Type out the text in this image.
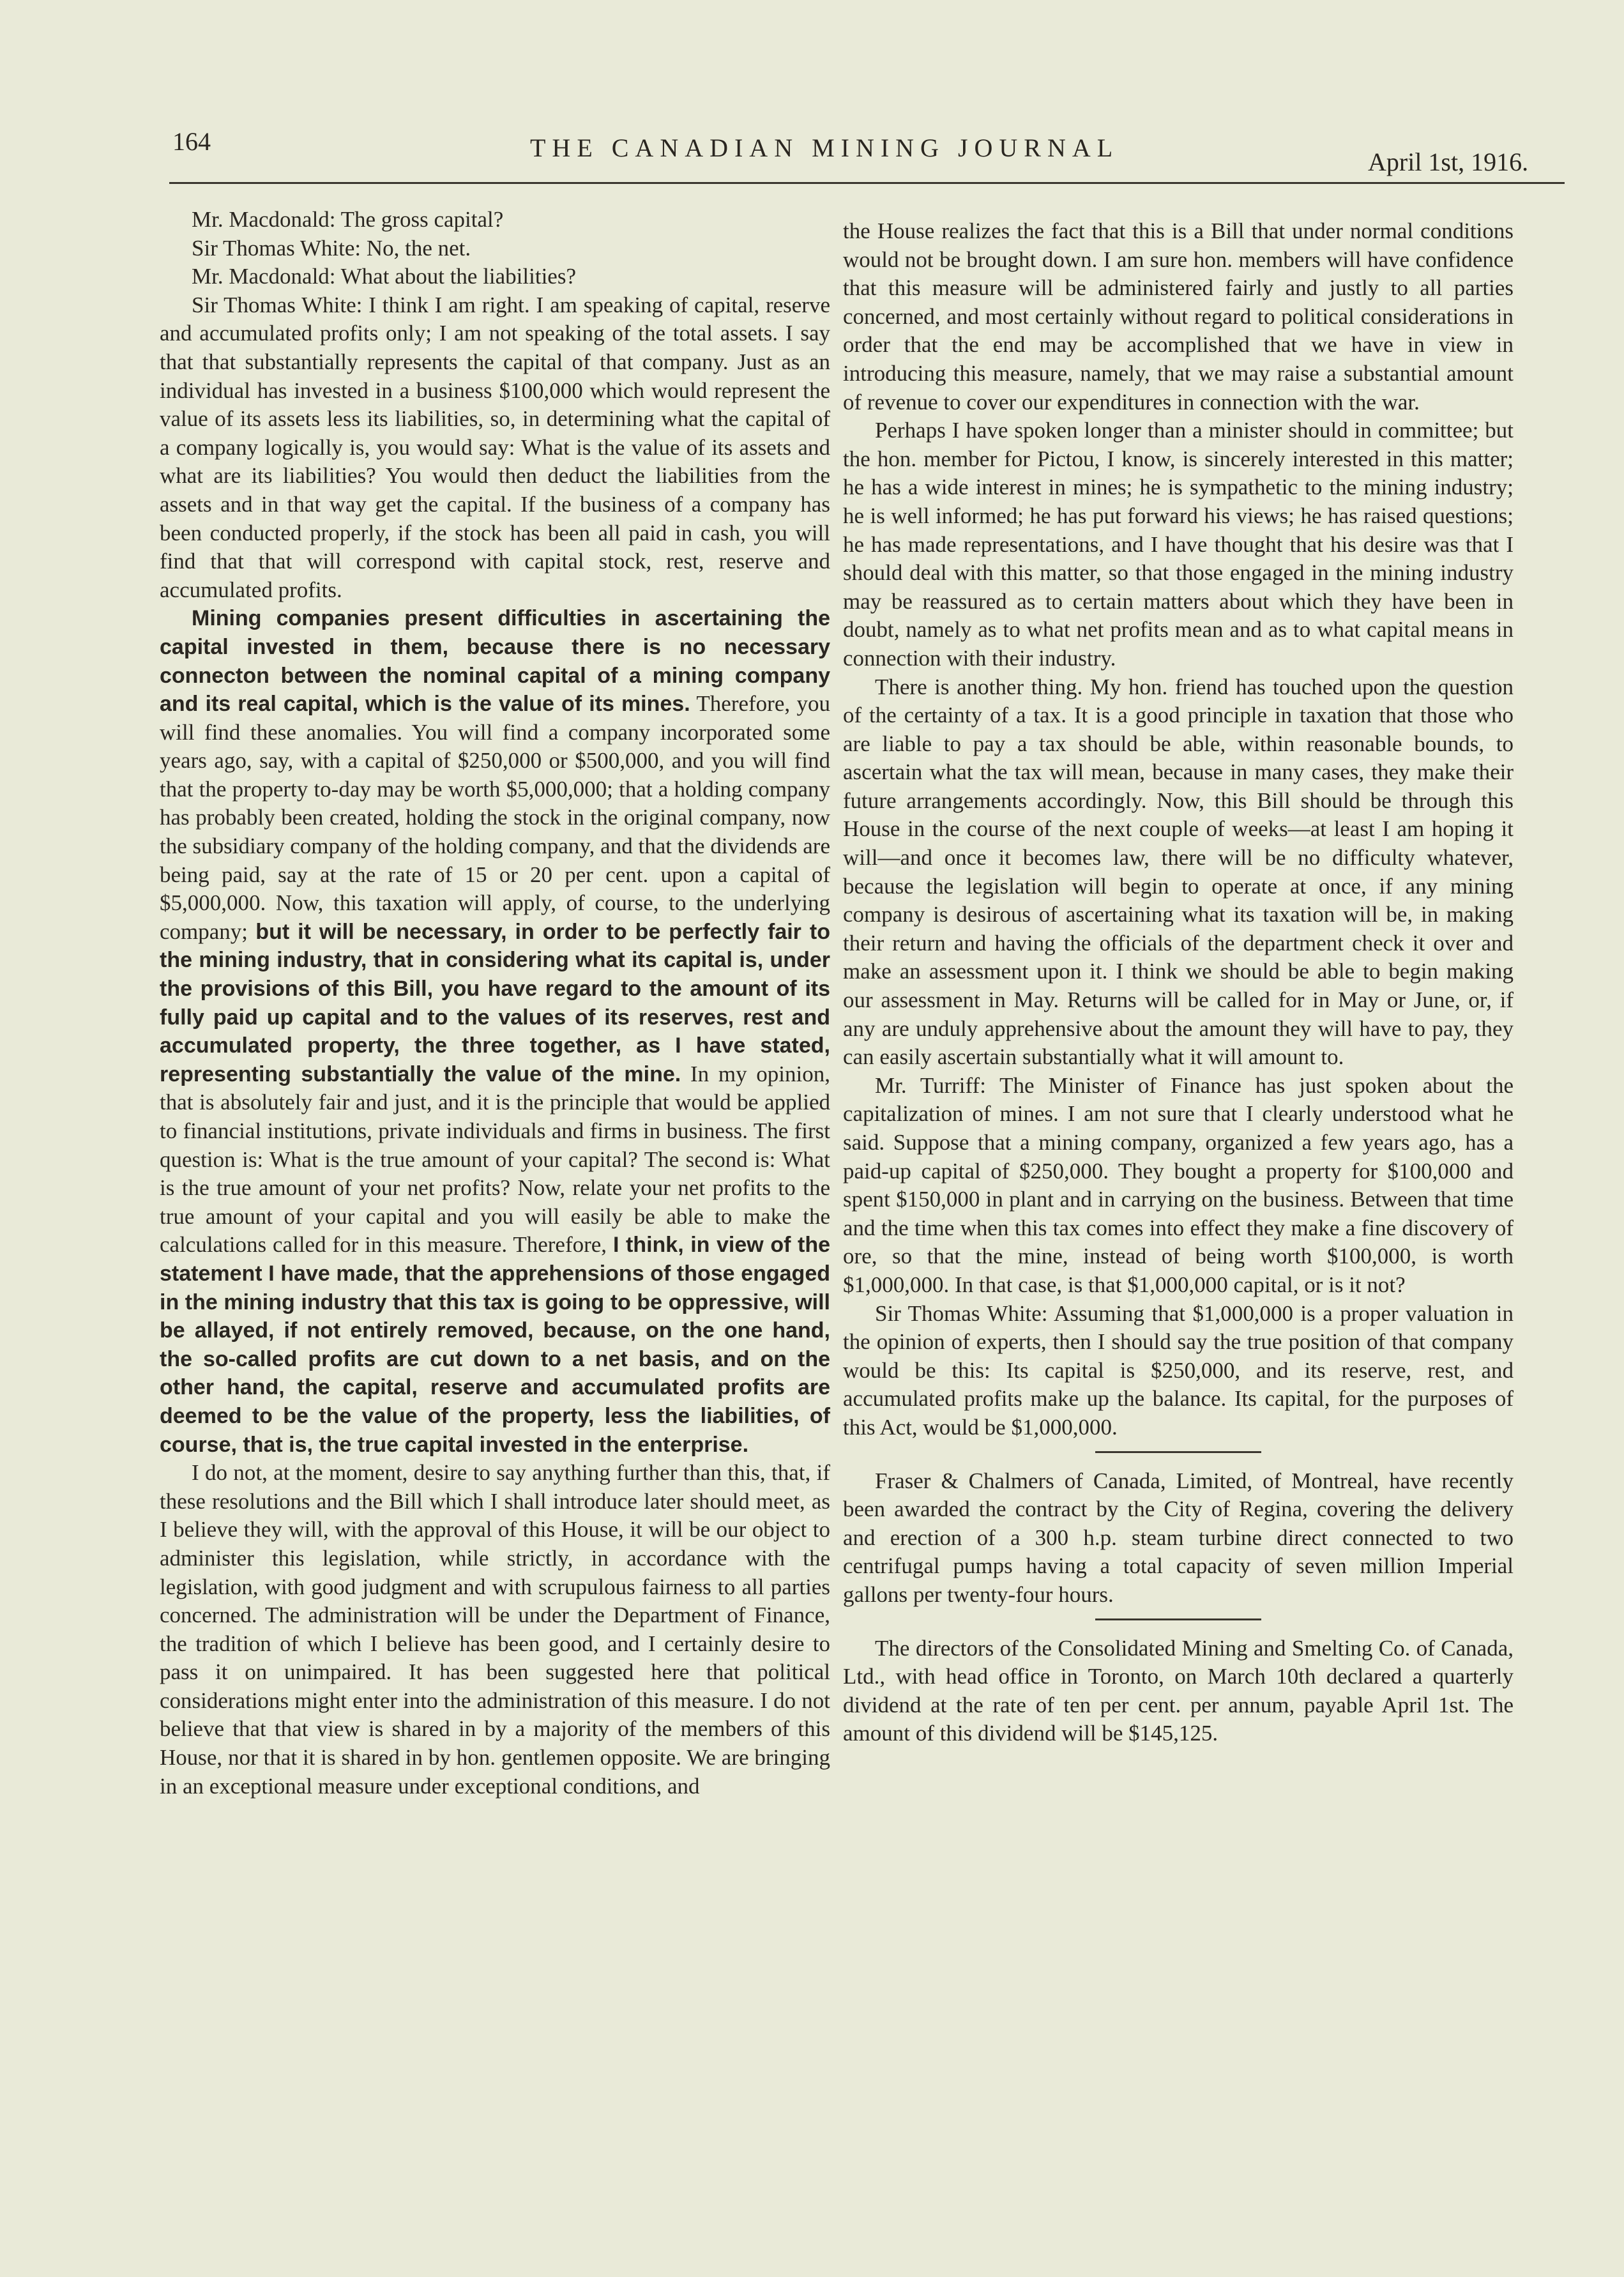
164	THE CANADIAN MINING JOURNAL	April 1st, 1916.

Mr. Macdonald: The gross capital?

Sir Thomas White: No, the net.

Mr. Macdonald: What about the liabilities?

Sir Thomas White: I think I am right. I am speaking of capital, reserve and accumulated profits only; I am not speaking of the total assets. I say that that substantially represents the capital of that company. Just as an individual has invested in a business $100,000 which would represent the value of its assets less its liabilities, so, in determining what the capital of a company logically is, you would say: What is the value of its assets and what are its liabilities? You would then deduct the liabilities from the assets and in that way get the capital. If the business of a company has been conducted properly, if the stock has been all paid in cash, you will find that that will correspond with capital stock, rest, reserve and accumulated profits.

Mining companies present difficulties in ascertaining the capital invested in them, because there is no necessary connecton between the nominal capital of a mining company and its real capital, which is the value of its mines. Therefore, you will find these anomalies. You will find a company incorporated some years ago, say, with a capital of $250,000 or $500,000, and you will find that the property to-day may be worth $5,000,000; that a holding company has probably been created, holding the stock in the original company, now the subsidiary company of the holding company, and that the dividends are being paid, say at the rate of 15 or 20 per cent. upon a capital of $5,000,000. Now, this taxation will apply, of course, to the underlying company; but it will be necessary, in order to be perfectly fair to the mining industry, that in considering what its capital is, under the provisions of this Bill, you have regard to the amount of its fully paid up capital and to the values of its reserves, rest and accumulated property, the three together, as I have stated, representing substantially the value of the mine. In my opinion, that is absolutely fair and just, and it is the principle that would be applied to financial institutions, private individuals and firms in business. The first question is: What is the true amount of your capital? The second is: What is the true amount of your net profits? Now, relate your net profits to the true amount of your capital and you will easily be able to make the calculations called for in this measure. Therefore, I think, in view of the statement I have made, that the apprehensions of those engaged in the mining industry that this tax is going to be oppressive, will be allayed, if not entirely removed, because, on the one hand, the so-called profits are cut down to a net basis, and on the other hand, the capital, reserve and accumulated profits are deemed to be the value of the property, less the liabilities, of course, that is, the true capital invested in the enterprise.

I do not, at the moment, desire to say anything further than this, that, if these resolutions and the Bill which I shall introduce later should meet, as I believe they will, with the approval of this House, it will be our object to administer this legislation, while strictly, in accordance with the legislation, with good judgment and with scrupulous fairness to all parties concerned. The administration will be under the Department of Finance, the tradition of which I believe has been good, and I certainly desire to pass it on unimpaired. It has been suggested here that political considerations might enter into the administration of this measure. I do not believe that that view is shared in by a majority of the members of this House, nor that it is shared in by hon. gentlemen opposite. We are bringing in an exceptional measure under exceptional conditions, and

the House realizes the fact that this is a Bill that under normal conditions would not be brought down. I am sure hon. members will have confidence that this measure will be administered fairly and justly to all parties concerned, and most certainly without regard to political considerations in order that the end may be accomplished that we have in view in introducing this measure, namely, that we may raise a substantial amount of revenue to cover our expenditures in connection with the war.

Perhaps I have spoken longer than a minister should in committee; but the hon. member for Pictou, I know, is sincerely interested in this matter; he has a wide interest in mines; he is sympathetic to the mining industry; he is well informed; he has put forward his views; he has raised questions; he has made representations, and I have thought that his desire was that I should deal with this matter, so that those engaged in the mining industry may be reassured as to certain matters about which they have been in doubt, namely as to what net profits mean and as to what capital means in connection with their industry.

There is another thing. My hon. friend has touched upon the question of the certainty of a tax. It is a good principle in taxation that those who are liable to pay a tax should be able, within reasonable bounds, to ascertain what the tax will mean, because in many cases, they make their future arrangements accordingly. Now, this Bill should be through this House in the course of the next couple of weeks—at least I am hoping it will—and once it becomes law, there will be no difficulty whatever, because the legislation will begin to operate at once, if any mining company is desirous of ascertaining what its taxation will be, in making their return and having the officials of the department check it over and make an assessment upon it. I think we should be able to begin making our assessment in May. Returns will be called for in May or June, or, if any are unduly apprehensive about the amount they will have to pay, they can easily ascertain substantially what it will amount to.

Mr. Turriff: The Minister of Finance has just spoken about the capitalization of mines. I am not sure that I clearly understood what he said. Suppose that a mining company, organized a few years ago, has a paid-up capital of $250,000. They bought a property for $100,000 and spent $150,000 in plant and in carrying on the business. Between that time and the time when this tax comes into effect they make a fine discovery of ore, so that the mine, instead of being worth $100,000, is worth $1,000,000. In that case, is that $1,000,000 capital, or is it not?

Sir Thomas White: Assuming that $1,000,000 is a proper valuation in the opinion of experts, then I should say the true position of that company would be this: Its capital is $250,000, and its reserve, rest, and accumulated profits make up the balance. Its capital, for the purposes of this Act, would be $1,000,000.

Fraser & Chalmers of Canada, Limited, of Montreal, have recently been awarded the contract by the City of Regina, covering the delivery and erection of a 300 h.p. steam turbine direct connected to two centrifugal pumps having a total capacity of seven million Imperial gallons per twenty-four hours.

The directors of the Consolidated Mining and Smelting Co. of Canada, Ltd., with head office in Toronto, on March 10th declared a quarterly dividend at the rate of ten per cent. per annum, payable April 1st. The amount of this dividend will be $145,125.
